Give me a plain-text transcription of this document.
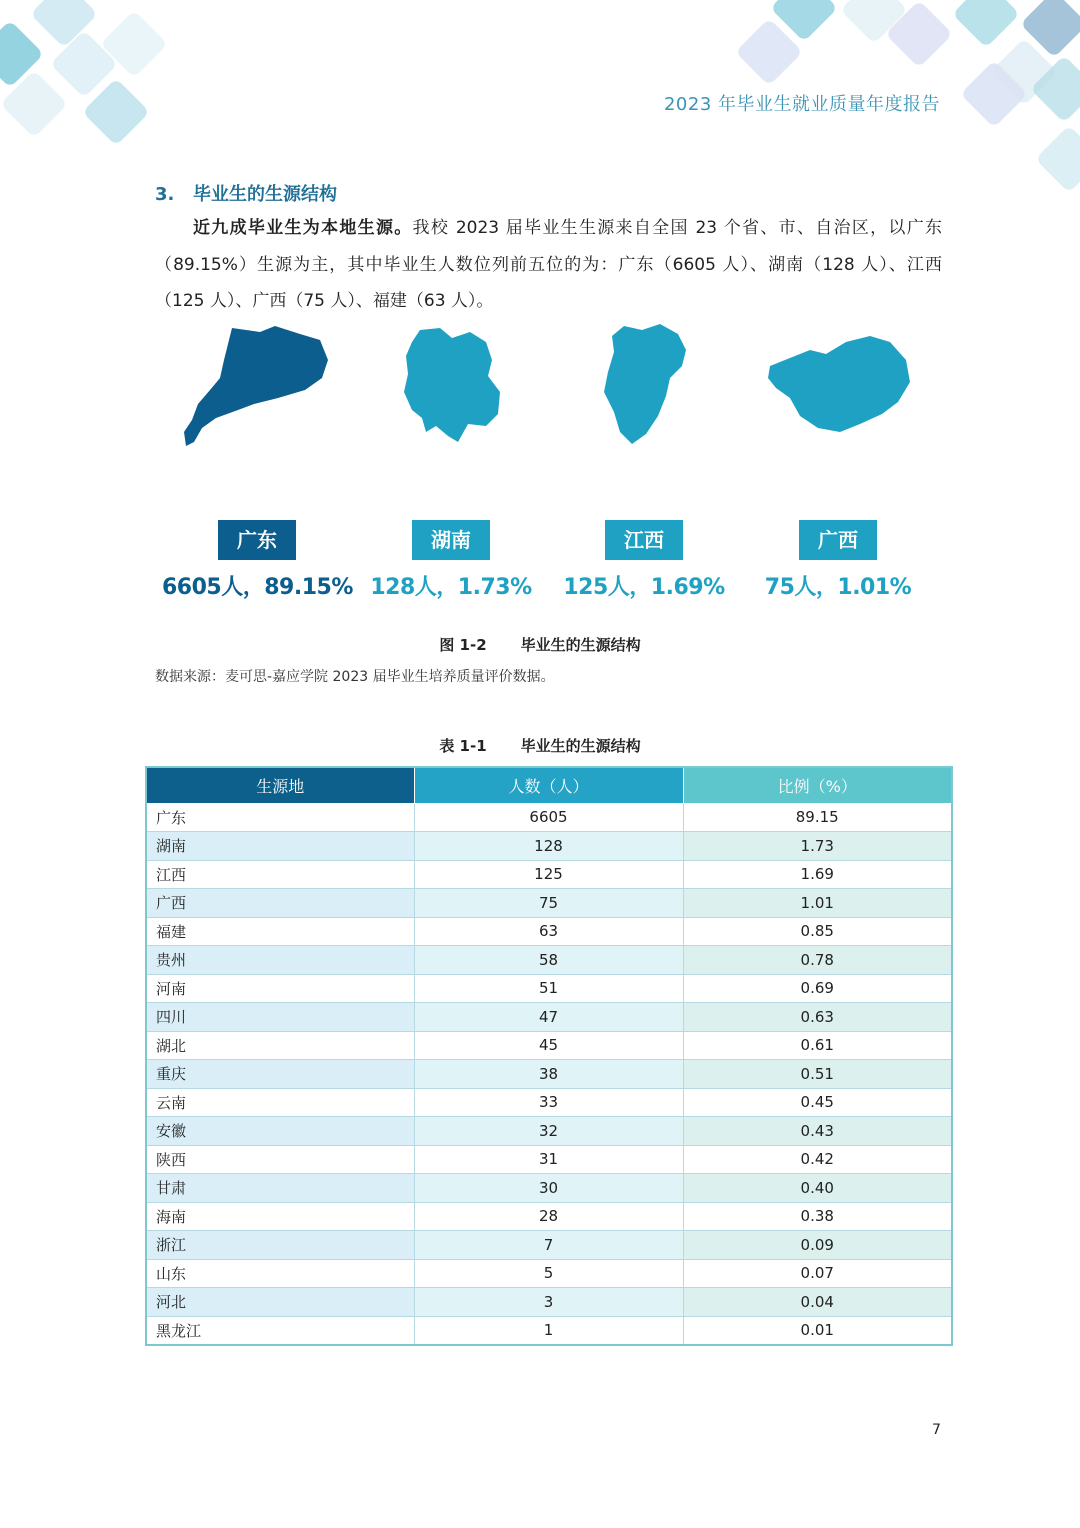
2023 年毕业生就业质量年度报告
3. 毕业生的生源结构
近九成毕业生为本地生源。我校 2023 届毕业生生源来自全国 23 个省、市、自治区，以广东（89.15%）生源为主，其中毕业生人数位列前五位的为：广东（6605 人）、湖南（128 人）、江西（125 人）、广西（75 人）、福建（63 人）。
广东
6605人，89.15%
湖南
128人，1.73%
江西
125人，1.69%
广西
75人，1.01%
图 1-2 毕业生的生源结构
数据来源：麦可思-嘉应学院 2023 届毕业生培养质量评价数据。
表 1-1 毕业生的生源结构
生源地	人数（人）	比例（%）
广东	6605	89.15
湖南	128	1.73
江西	125	1.69
广西	75	1.01
福建	63	0.85
贵州	58	0.78
河南	51	0.69
四川	47	0.63
湖北	45	0.61
重庆	38	0.51
云南	33	0.45
安徽	32	0.43
陕西	31	0.42
甘肃	30	0.40
海南	28	0.38
浙江	7	0.09
山东	5	0.07
河北	3	0.04
黑龙江	1	0.01
7
